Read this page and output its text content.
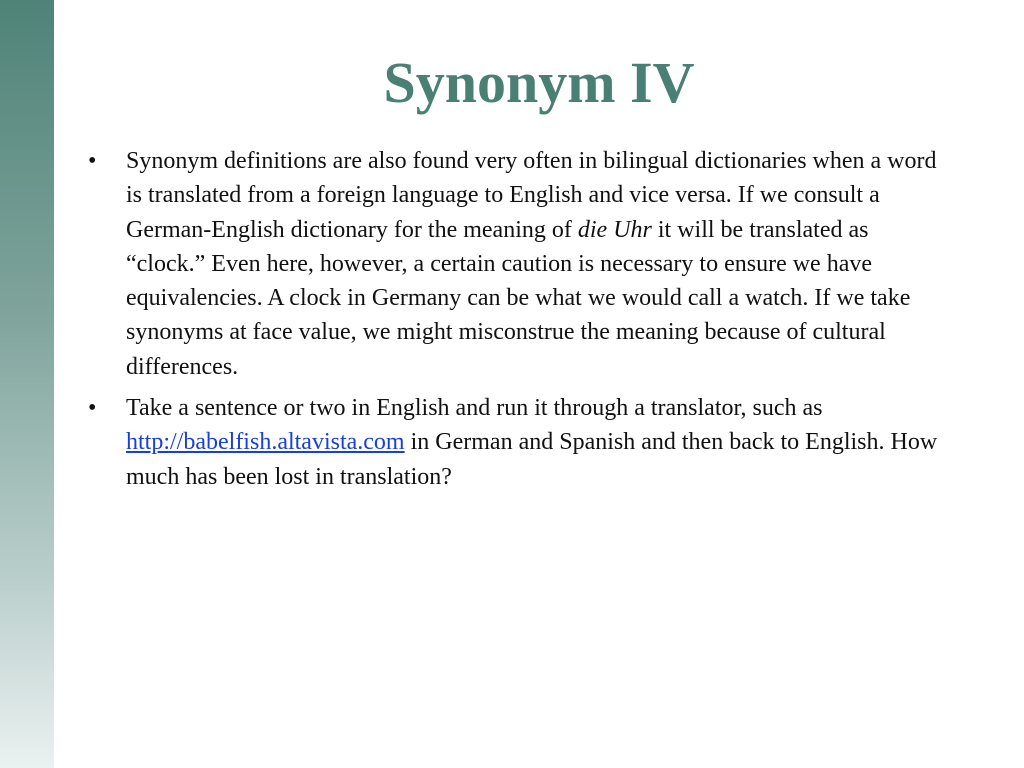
Synonym IV
• Synonym definitions are also found very often in bilingual dictionaries when a word is translated from a foreign language to English and vice versa. If we consult a German-English dictionary for the meaning of die Uhr it will be translated as “clock.” Even here, however, a certain caution is necessary to ensure we have equivalencies. A clock in Germany can be what we would call a watch. If we take synonyms at face value, we might misconstrue the meaning because of cultural differences.
• Take a sentence or two in English and run it through a translator, such as http://babelfish.altavista.com in German and Spanish and then back to English. How much has been lost in translation?
